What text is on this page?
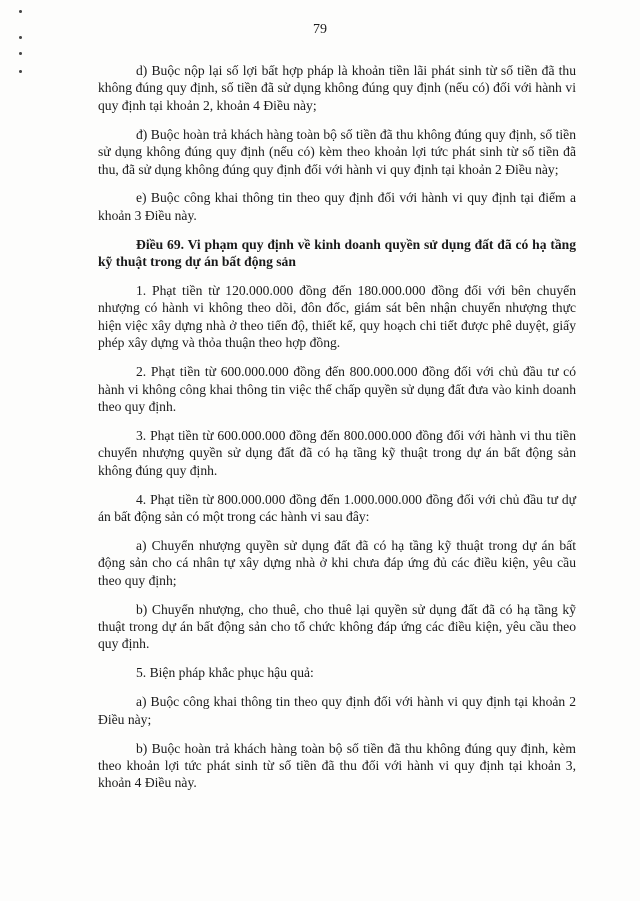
79

d) Buộc nộp lại số lợi bất hợp pháp là khoản tiền lãi phát sinh từ số tiền đã thu không đúng quy định, số tiền đã sử dụng không đúng quy định (nếu có) đối với hành vi quy định tại khoản 2, khoản 4 Điều này;

đ) Buộc hoàn trả khách hàng toàn bộ số tiền đã thu không đúng quy định, số tiền sử dụng không đúng quy định (nếu có) kèm theo khoản lợi tức phát sinh từ số tiền đã thu, đã sử dụng không đúng quy định đối với hành vi quy định tại khoản 2 Điều này;

e) Buộc công khai thông tin theo quy định đối với hành vi quy định tại điểm a khoản 3 Điều này.

Điều 69. Vi phạm quy định về kinh doanh quyền sử dụng đất đã có hạ tầng kỹ thuật trong dự án bất động sản

1. Phạt tiền từ 120.000.000 đồng đến 180.000.000 đồng đối với bên chuyển nhượng có hành vi không theo dõi, đôn đốc, giám sát bên nhận chuyển nhượng thực hiện việc xây dựng nhà ở theo tiến độ, thiết kế, quy hoạch chi tiết được phê duyệt, giấy phép xây dựng và thỏa thuận theo hợp đồng.

2. Phạt tiền từ 600.000.000 đồng đến 800.000.000 đồng đối với chủ đầu tư có hành vi không công khai thông tin việc thế chấp quyền sử dụng đất đưa vào kinh doanh theo quy định.

3. Phạt tiền từ 600.000.000 đồng đến 800.000.000 đồng đối với hành vi thu tiền chuyển nhượng quyền sử dụng đất đã có hạ tầng kỹ thuật trong dự án bất động sản không đúng quy định.

4. Phạt tiền từ 800.000.000 đồng đến 1.000.000.000 đồng đối với chủ đầu tư dự án bất động sản có một trong các hành vi sau đây:

a) Chuyển nhượng quyền sử dụng đất đã có hạ tầng kỹ thuật trong dự án bất động sản cho cá nhân tự xây dựng nhà ở khi chưa đáp ứng đủ các điều kiện, yêu cầu theo quy định;

b) Chuyển nhượng, cho thuê, cho thuê lại quyền sử dụng đất đã có hạ tầng kỹ thuật trong dự án bất động sản cho tổ chức không đáp ứng các điều kiện, yêu cầu theo quy định.

5. Biện pháp khắc phục hậu quả:

a) Buộc công khai thông tin theo quy định đối với hành vi quy định tại khoản 2 Điều này;

b) Buộc hoàn trả khách hàng toàn bộ số tiền đã thu không đúng quy định, kèm theo khoản lợi tức phát sinh từ số tiền đã thu đối với hành vi quy định tại khoản 3, khoản 4 Điều này.
